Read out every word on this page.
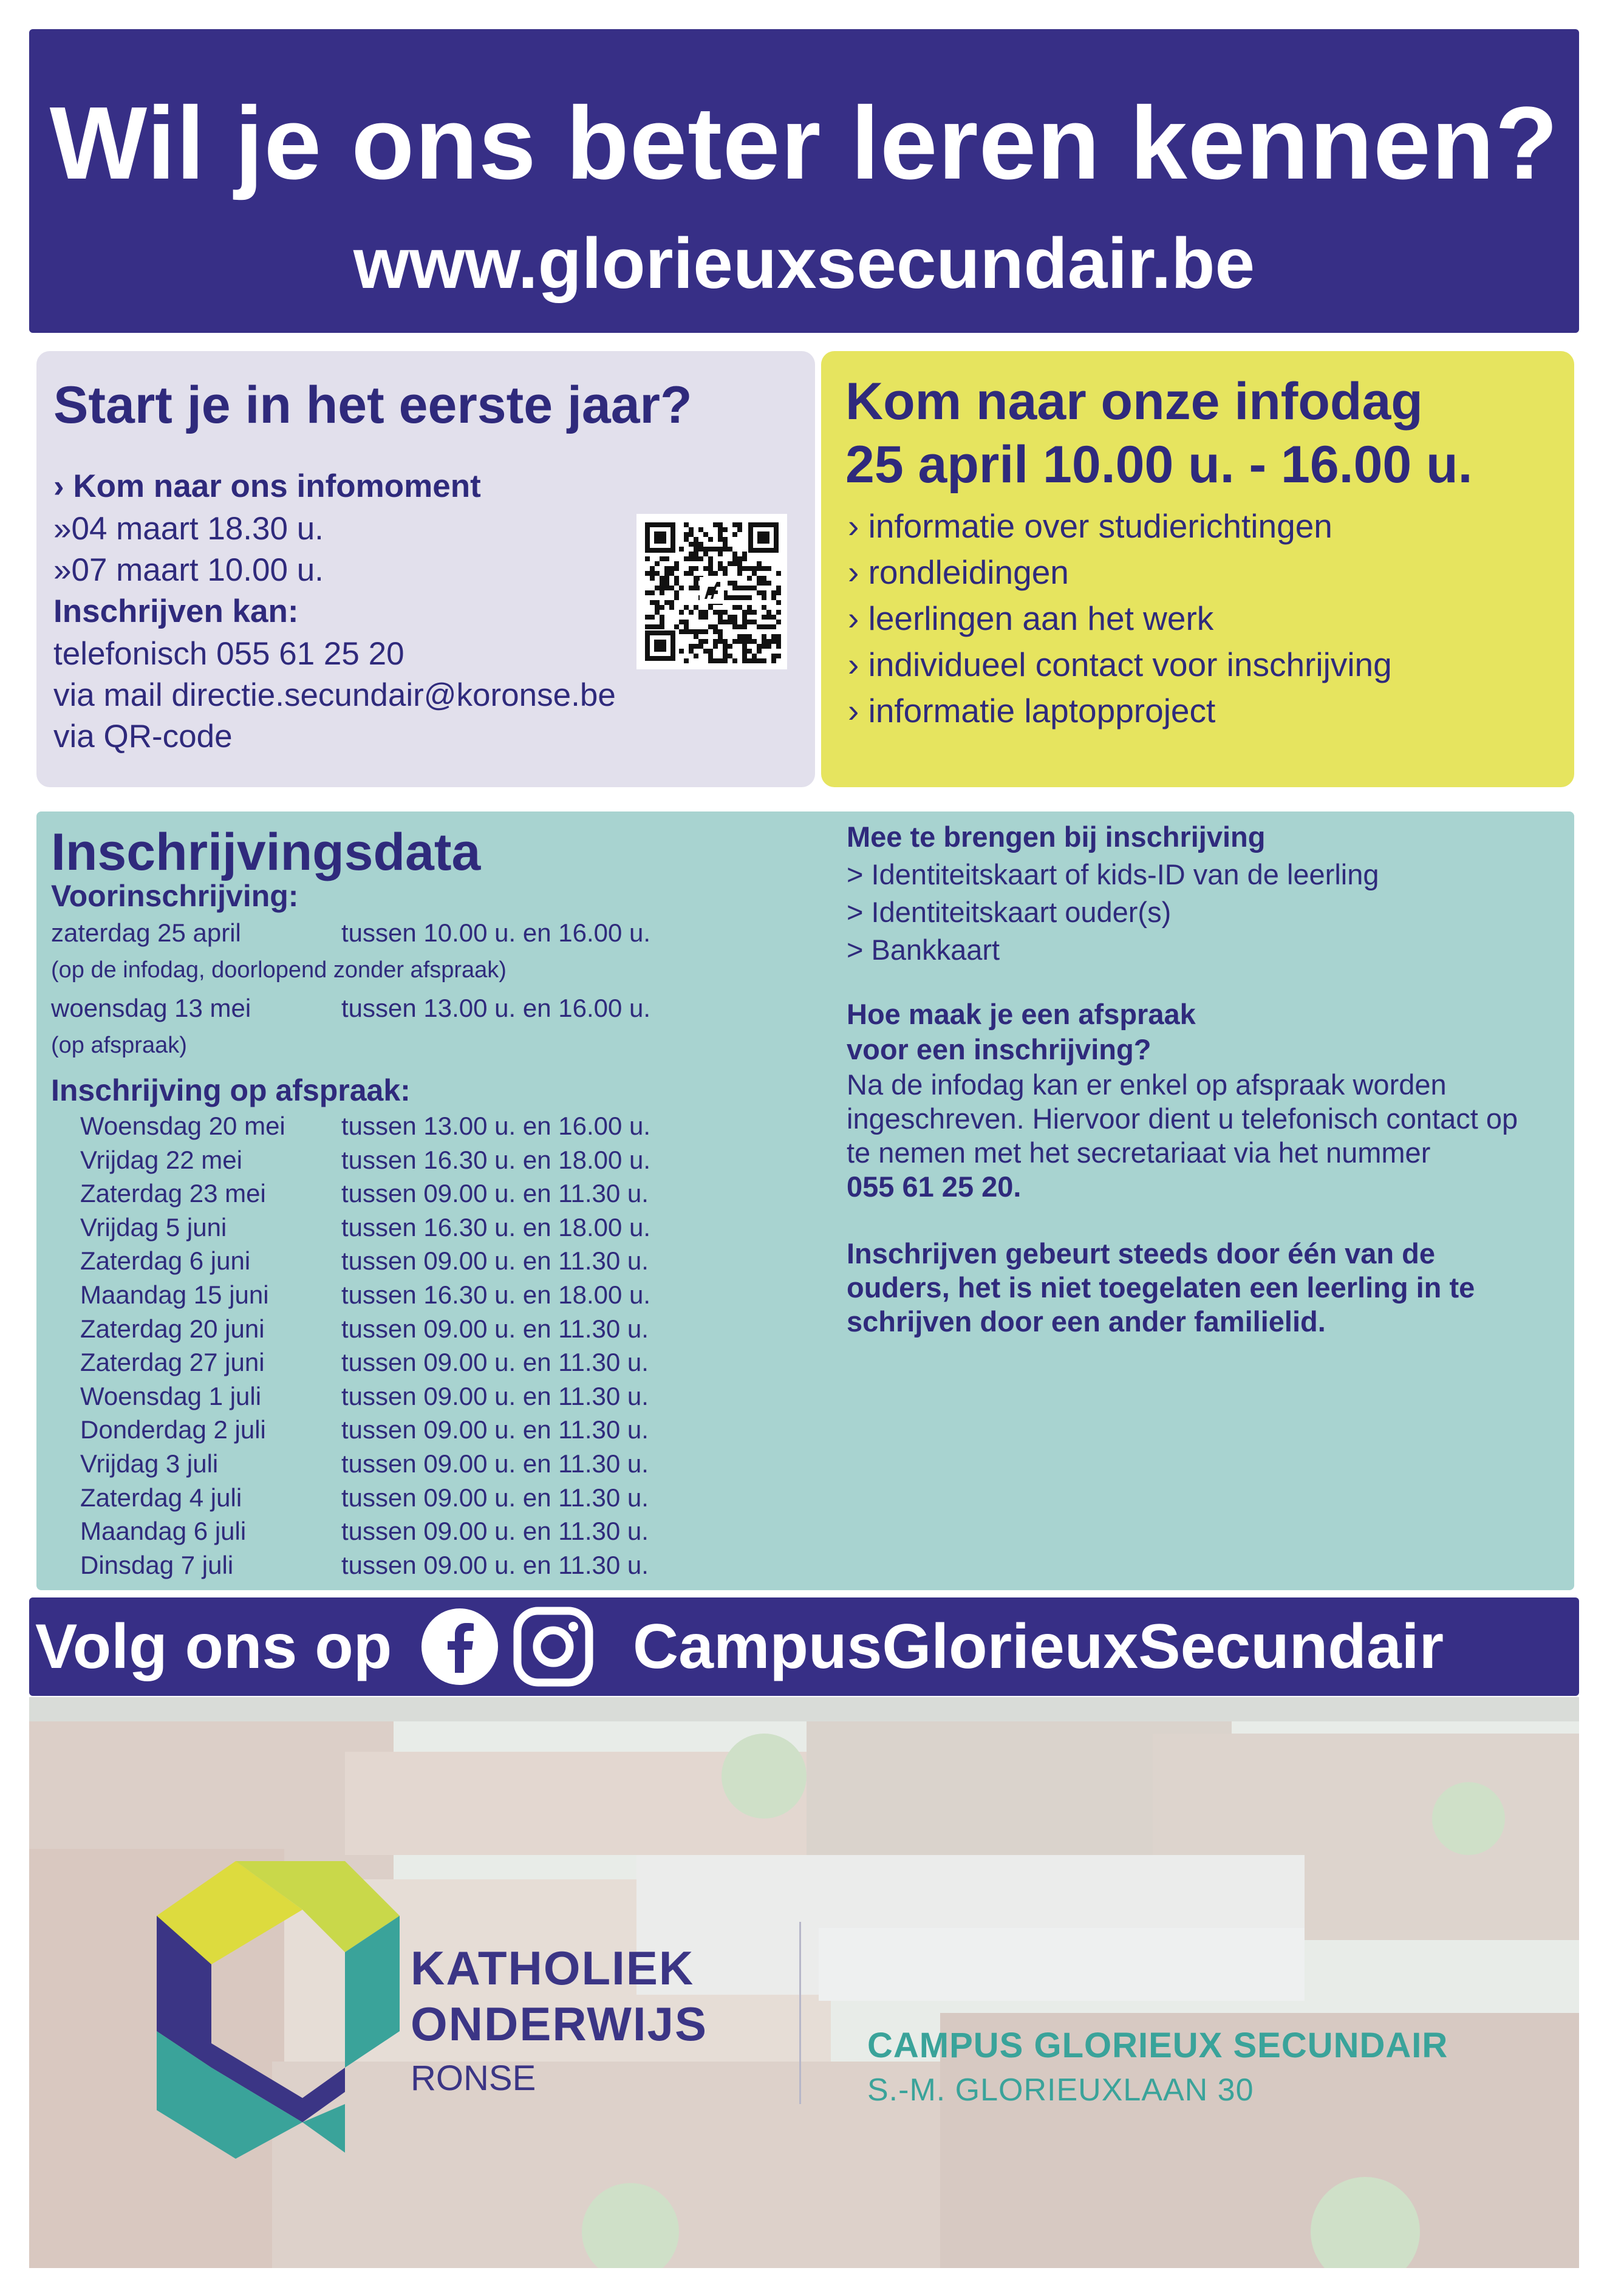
Wil je ons beter leren kennen?
www.glorieuxsecundair.be
Start je in het eerste jaar?
› Kom naar ons infomoment
»04 maart 18.30 u.
»07 maart 10.00 u.
Inschrijven kan:
telefonisch 055 61 25 20
via mail directie.secundair@koronse.be
via QR-code
Kom naar onze infodag
25 april 10.00 u. - 16.00 u.
› informatie over studierichtingen
› rondleidingen
› leerlingen aan het werk
› individueel contact voor inschrijving
› informatie laptopproject
Inschrijvingsdata
Voorinschrijving:
zaterdag 25 april	tussen 10.00 u. en 16.00 u.
(op de infodag, doorlopend zonder afspraak)
woensdag 13 mei	tussen 13.00 u. en 16.00 u.
(op afspraak)
Inschrijving op afspraak:
Woensdag 20 mei tussen 13.00 u. en 16.00 u.
Vrijdag 22 mei	tussen 16.30 u. en 18.00 u.
Zaterdag 23 mei	tussen 09.00 u. en 11.30 u.
Vrijdag 5 juni	tussen 16.30 u. en 18.00 u.
Zaterdag 6 juni	tussen 09.00 u. en 11.30 u.
Maandag 15 juni	tussen 16.30 u. en 18.00 u.
Zaterdag 20 juni	tussen 09.00 u. en 11.30 u.
Zaterdag 27 juni	tussen 09.00 u. en 11.30 u.
Woensdag 1 juli	tussen 09.00 u. en 11.30 u.
Donderdag 2 juli	tussen 09.00 u. en 11.30 u.
Vrijdag 3 juli	tussen 09.00 u. en 11.30 u.
Zaterdag 4 juli	tussen 09.00 u. en 11.30 u.
Maandag 6 juli	tussen 09.00 u. en 11.30 u.
Dinsdag 7 juli	tussen 09.00 u. en 11.30 u.
Mee te brengen bij inschrijving
> Identiteitskaart of kids-ID van de leerling
> Identiteitskaart ouder(s)
> Bankkaart
Hoe maak je een afspraak
voor een inschrijving?
Na de infodag kan er enkel op afspraak worden
ingeschreven. Hiervoor dient u telefonisch contact op
te nemen met het secretariaat via het nummer
055 61 25 20.
Inschrijven gebeurt steeds door één van de
ouders, het is niet toegelaten een leerling in te
schrijven door een ander familielid.
Volg ons op	CampusGlorieuxSecundair
KATHOLIEK
ONDERWIJS
RONSE
CAMPUS GLORIEUX SECUNDAIR
S.-M. GLORIEUXLAAN 30
